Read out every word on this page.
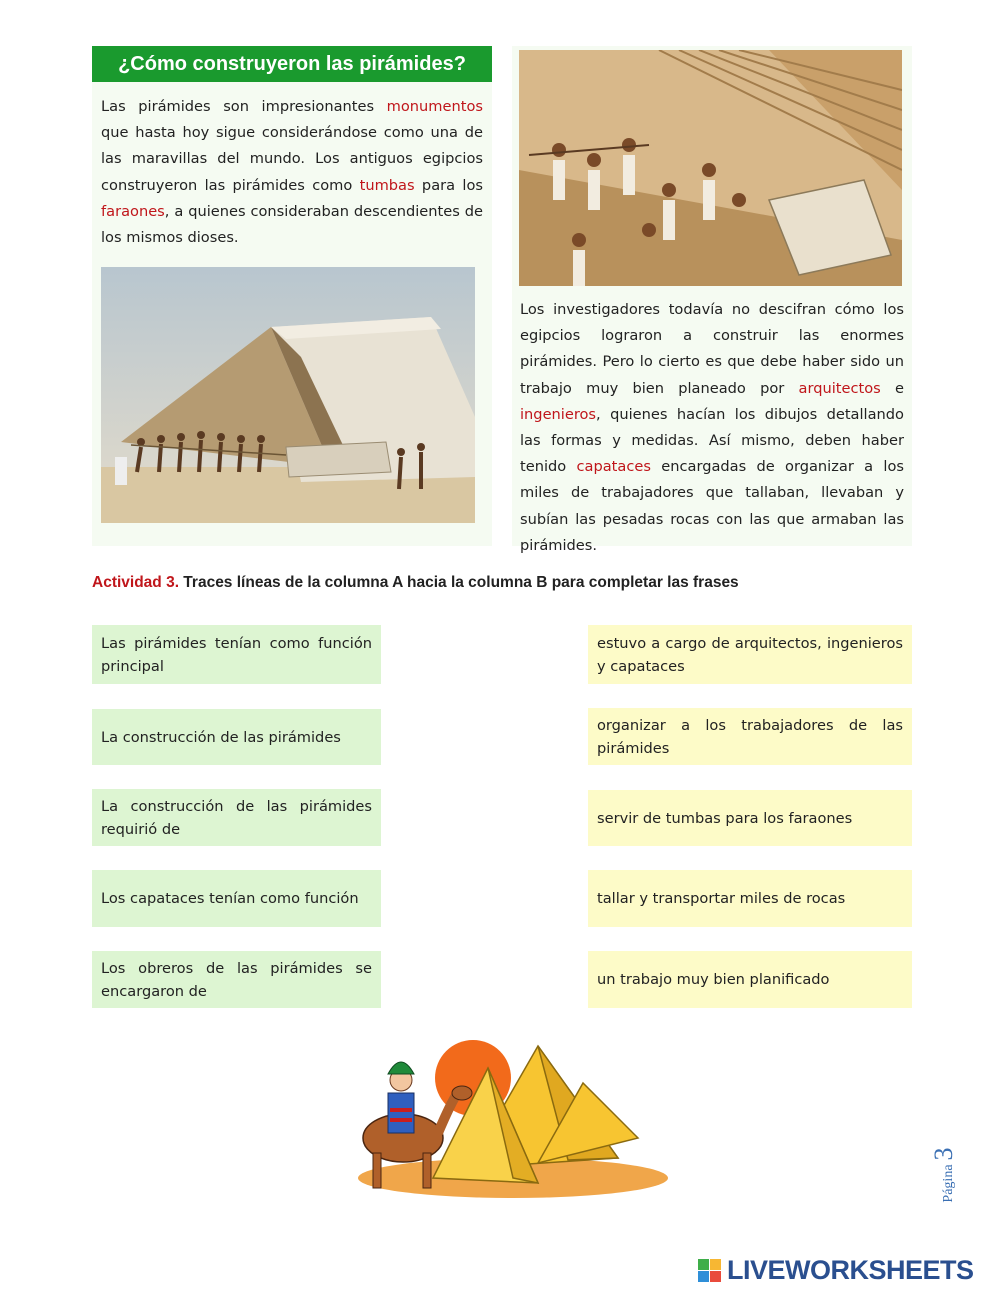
¿Cómo construyeron las pirámides?
Las pirámides son impresionantes monumentos que hasta hoy sigue considerándose como una de las maravillas del mundo. Los antiguos egipcios construyeron las pirámides como tumbas para los faraones, a quienes consideraban descendientes de los mismos dioses.
Los investigadores todavía no descifran cómo los egipcios lograron a construir las enormes pirámides. Pero lo cierto es que debe haber sido un trabajo muy bien planeado por arquitectos e ingenieros, quienes hacían los dibujos detallando las formas y medidas. Así mismo, deben haber tenido capataces encargadas de organizar a los miles de trabajadores que tallaban, llevaban y subían las pesadas rocas con las que armaban las pirámides.
Actividad 3. Traces líneas de la columna A hacia la columna B para completar las frases
Las pirámides tenían como función principal
La construcción de las pirámides
La construcción de las pirámides requirió de
Los capataces tenían como función
Los obreros de las pirámides se encargaron de
estuvo a cargo de arquitectos, ingenieros y capataces
organizar a los trabajadores de las pirámides
servir de tumbas para los faraones
tallar y transportar miles de rocas
un trabajo muy bien planificado
Página
3
LIVEWORKSHEETS
